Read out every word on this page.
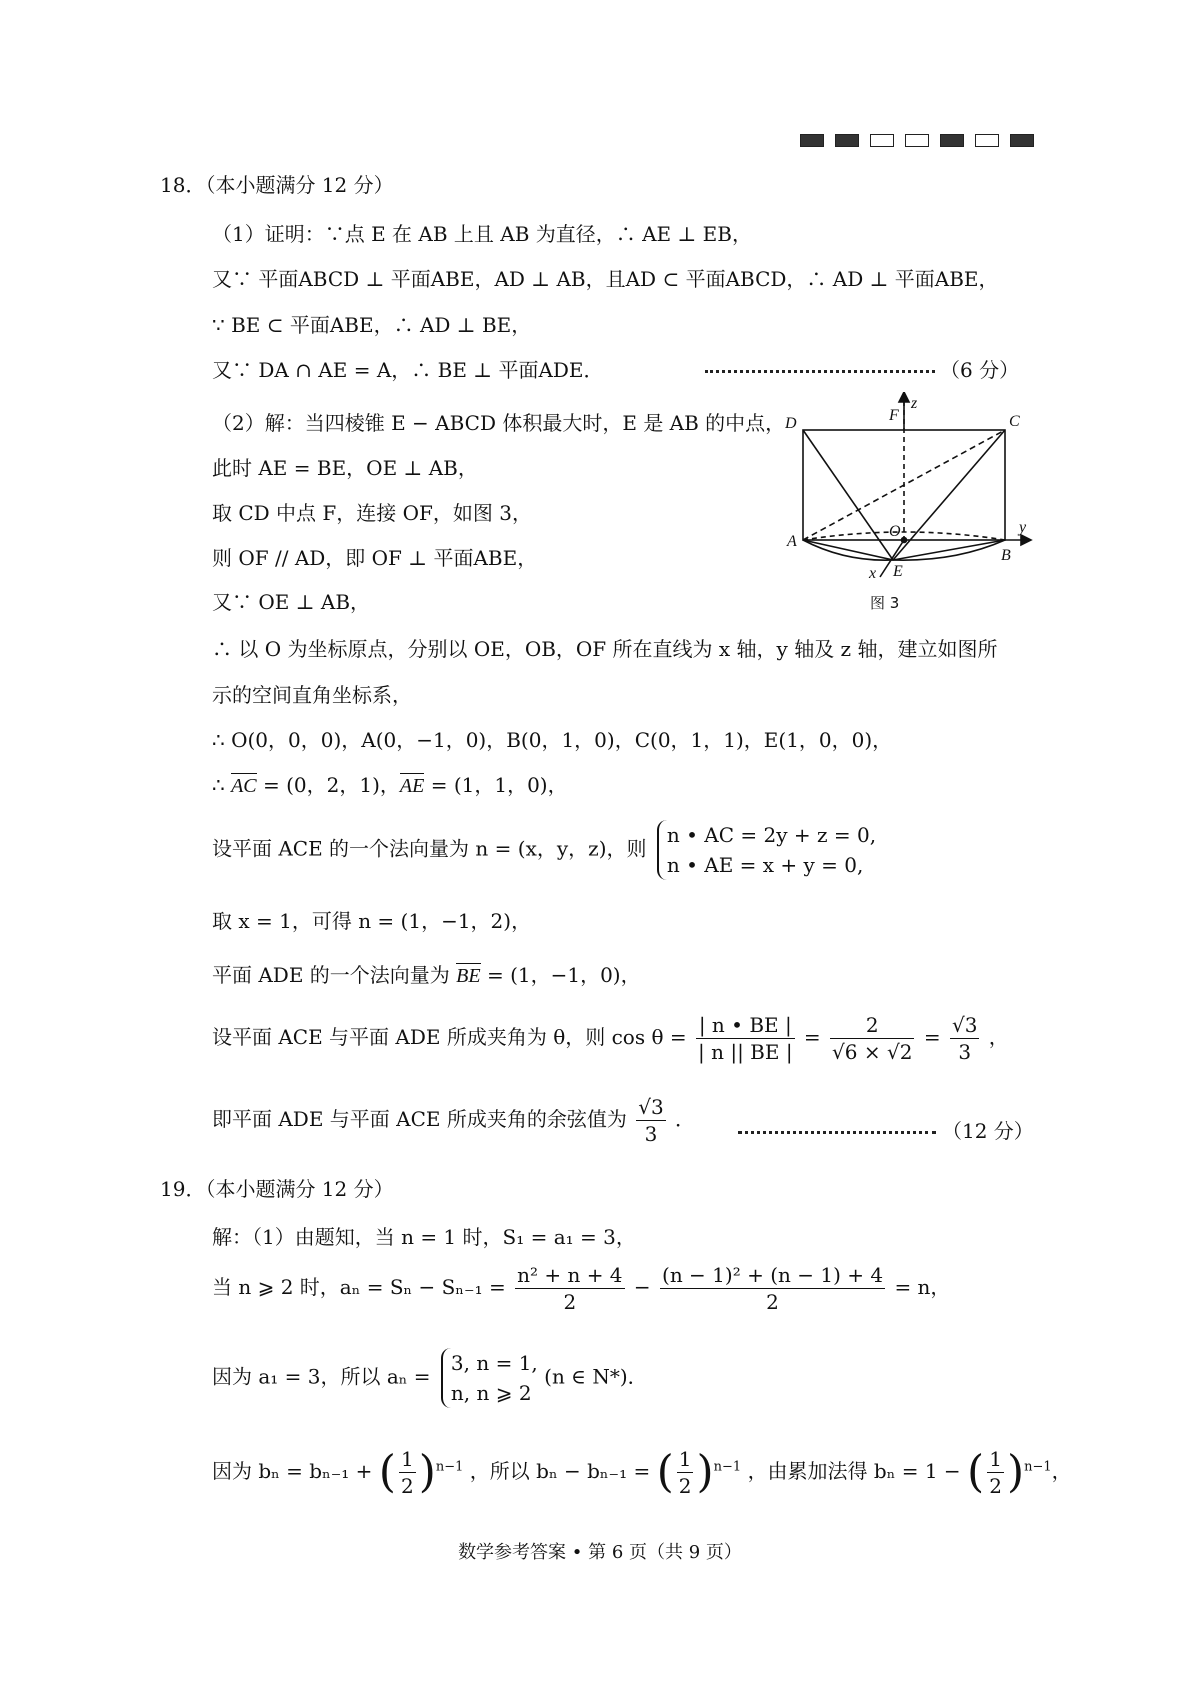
18．（本小题满分 12 分）
（1）证明：∵点 E 在 AB 上且 AB 为直径，∴ AE ⊥ EB，
又∵ 平面ABCD ⊥ 平面ABE，AD ⊥ AB，且AD ⊂ 平面ABCD，∴ AD ⊥ 平面ABE，
∵ BE ⊂ 平面ABE，∴ AD ⊥ BE，
又∵ DA ∩ AE = A，∴ BE ⊥ 平面ADE．	（6 分）
（2）解：当四棱锥 E − ABCD 体积最大时，E 是 AB 的中点，
此时 AE = BE，OE ⊥ AB，
取 CD 中点 F，连接 OF，如图 3，
则 OF // AD，即 OF ⊥ 平面ABE，
又∵ OE ⊥ AB，
∴ 以 O 为坐标原点，分别以 OE，OB，OF 所在直线为 x 轴，y 轴及 z 轴，建立如图所
示的空间直角坐标系，
∴ O(0，0，0)，A(0，−1，0)，B(0，1，0)，C(0，1，1)，E(1，0，0)，
∴ AC = (0，2，1)，AE = (1，1，0)，
设平面 ACE 的一个法向量为 n = (x，y，z)，则
n • AC = 2y + z = 0,
n • AE = x + y = 0,
取 x = 1，可得 n = (1，−1，2)，
平面 ADE 的一个法向量为 BE = (1，−1，0)，
设平面 ACE 与平面 ADE 所成夹角为 θ，则 $\cos \theta = \frac{| n • BE |}{| n || BE |} = \frac{2}{√6 \times √2} = \frac{√3}{3}$ ，
即平面 ADE 与平面 ACE 所成夹角的余弦值为 $\frac{√3}{3}$ ．	（12 分）
D	F
z
C
O	y
A
B
x E
图 3
19．（本小题满分 12 分）
解：（1）由题知，当 n = 1 时，S₁ = a₁ = 3，
当 n ⩾ 2 时，$a_n = S_n - S_{n-1} = \frac{\text{n² + n + 4}}{2} - \frac{\text{(n − 1)² + (n − 1) + 4}}{2} = n$，
因为 a₁ = 3，所以 aₙ =
3, n = 1,
n, n ⩾ 2
(n ∈ N*)．
因为 bₙ = bₙ₋₁ + ( $\frac{1}{2} )^{n-1}$ ，所以 bₙ − bₙ₋₁ = ( $\frac{1}{2} )^{n-1}$ ，由累加法得 bₙ = 1 − ( $\frac{1}{2} )^{n-1}$，
数学参考答案 • 第 6 页（共 9 页）
